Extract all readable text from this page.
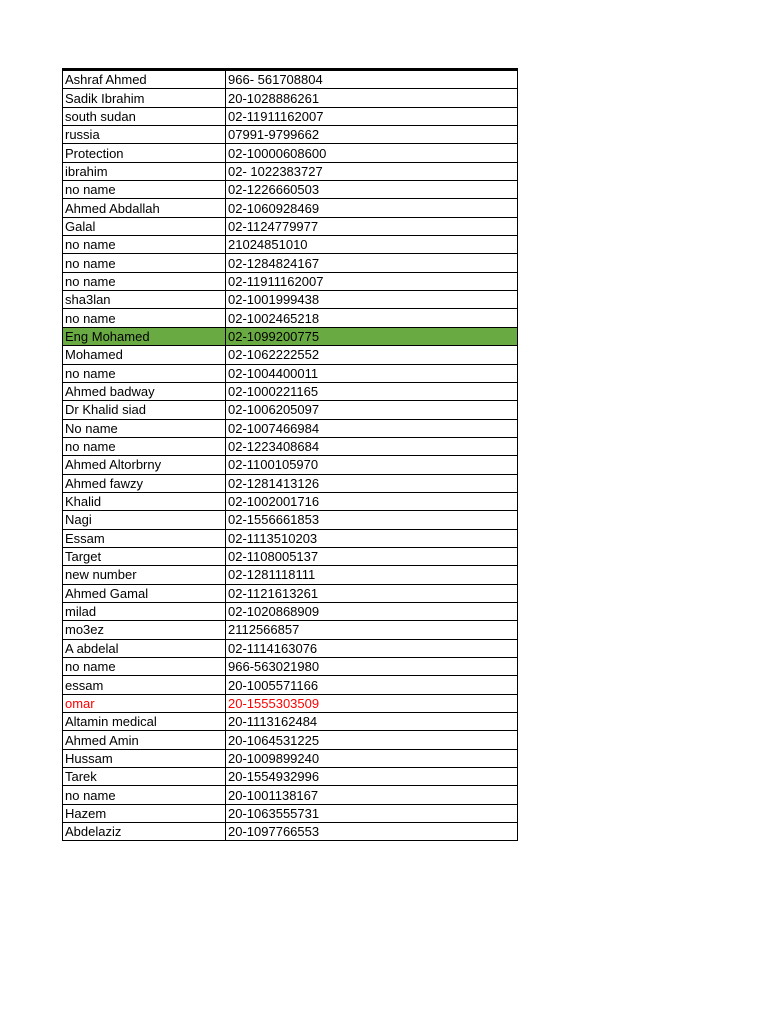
Ashraf Ahmed	966- 561708804
Sadik Ibrahim	20-1028886261
south sudan	02-11911162007
russia	07991-9799662
Protection	02-10000608600
ibrahim	02- 1022383727
no name	02-1226660503
Ahmed Abdallah	02-1060928469
Galal	02-1124779977
no name	21024851010
no name	02-1284824167
no name	02-11911162007
sha3lan	02-1001999438
no name	02-1002465218
Eng Mohamed	02-1099200775
Mohamed	02-1062222552
no name	02-1004400011
Ahmed badway	02-1000221165
Dr Khalid siad	02-1006205097
No name	02-1007466984
no name	02-1223408684
Ahmed Altorbrny	02-1100105970
Ahmed fawzy	02-1281413126
Khalid	02-1002001716
Nagi	02-1556661853
Essam	02-1113510203
Target	02-1108005137
new number	02-1281118111
Ahmed Gamal	02-1121613261
milad	02-1020868909
mo3ez	2112566857
A abdelal	02-1114163076
no name	966-563021980
essam	20-1005571166
omar	20-1555303509
Altamin medical	20-1113162484
Ahmed Amin	20-1064531225
Hussam	20-1009899240
Tarek	20-1554932996
no name	20-1001138167
Hazem	20-1063555731
Abdelaziz	20-1097766553
